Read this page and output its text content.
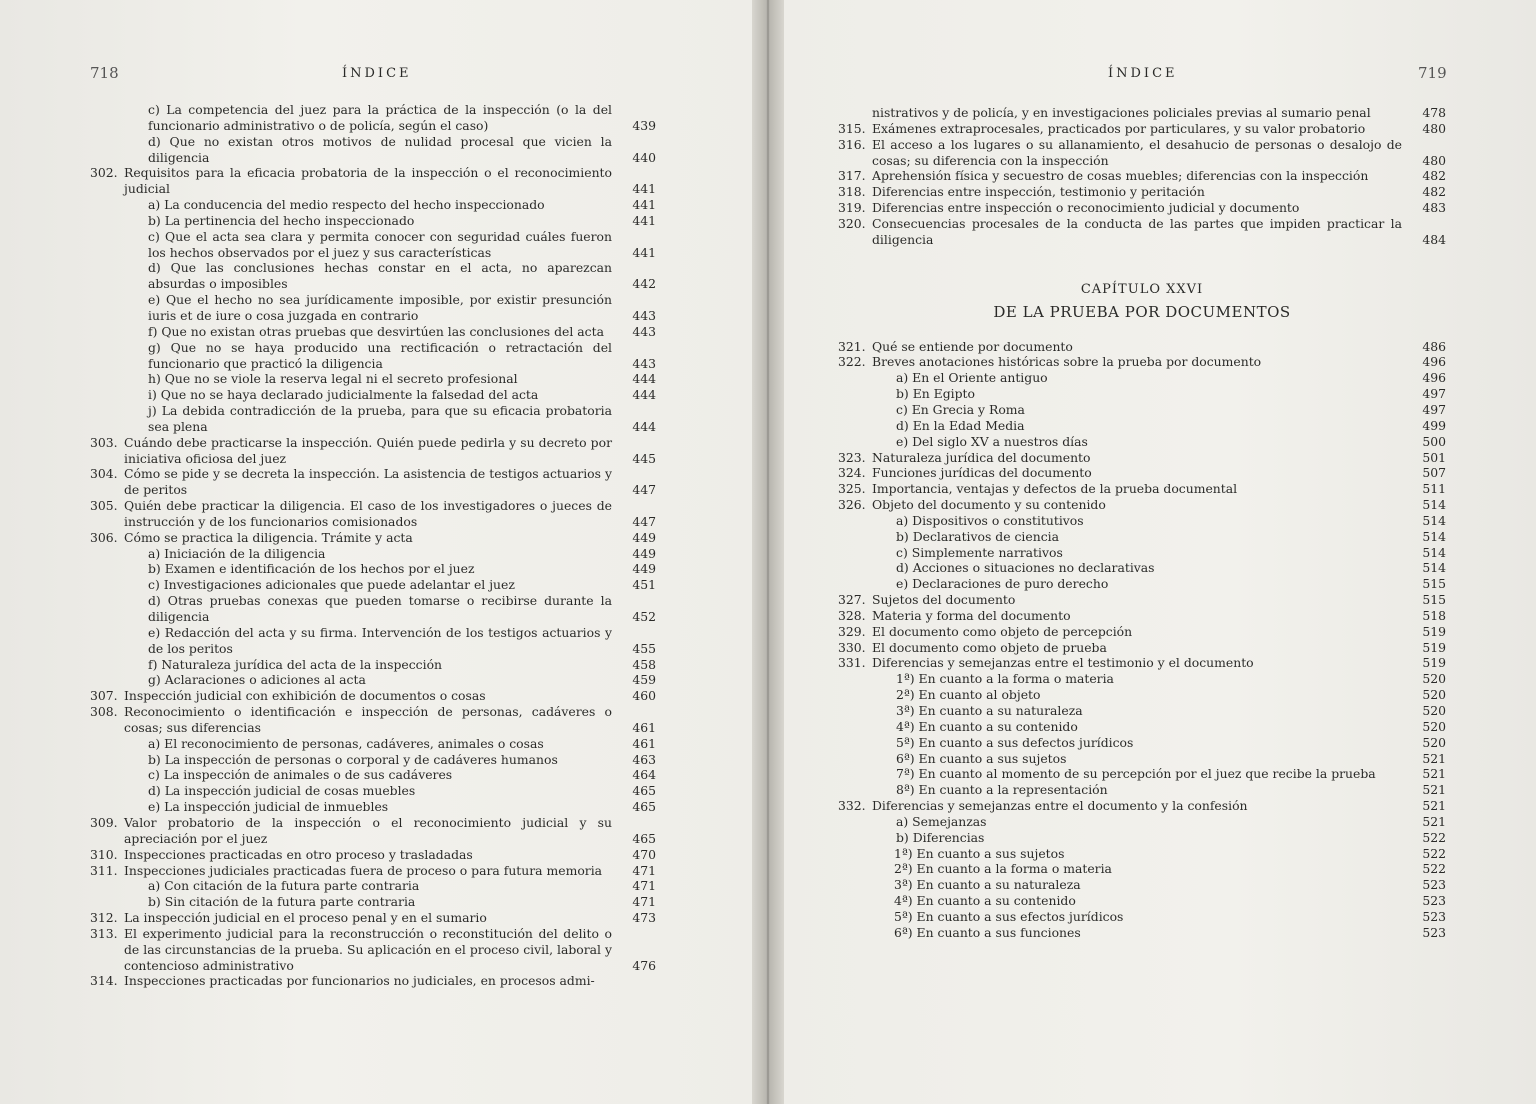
718	ÍNDICE
c) La competencia del juez para la práctica de la inspección (o la del funcionario administrativo o de policía, según el caso)	439
d) Que no existan otros motivos de nulidad procesal que vicien la diligencia	440
302. Requisitos para la eficacia probatoria de la inspección o el reconocimiento judicial	441
a) La conducencia del medio respecto del hecho inspeccionado	441
b) La pertinencia del hecho inspeccionado	441
c) Que el acta sea clara y permita conocer con seguridad cuáles fueron los hechos observados por el juez y sus características	441
d) Que las conclusiones hechas constar en el acta, no aparezcan absurdas o imposibles	442
e) Que el hecho no sea jurídicamente imposible, por existir presunción iuris et de iure o cosa juzgada en contrario	443
f) Que no existan otras pruebas que desvirtúen las conclusiones del acta	443
g) Que no se haya producido una rectificación o retractación del funcionario que practicó la diligencia	443
h) Que no se viole la reserva legal ni el secreto profesional	444
i) Que no se haya declarado judicialmente la falsedad del acta	444
j) La debida contradicción de la prueba, para que su eficacia probatoria sea plena	444
303. Cuándo debe practicarse la inspección. Quién puede pedirla y su decreto por iniciativa oficiosa del juez	445
304. Cómo se pide y se decreta la inspección. La asistencia de testigos actuarios y de peritos	447
305. Quién debe practicar la diligencia. El caso de los investigadores o jueces de instrucción y de los funcionarios comisionados	447
306. Cómo se practica la diligencia. Trámite y acta	449
a) Iniciación de la diligencia	449
b) Examen e identificación de los hechos por el juez	449
c) Investigaciones adicionales que puede adelantar el juez	451
d) Otras pruebas conexas que pueden tomarse o recibirse durante la diligencia	452
e) Redacción del acta y su firma. Intervención de los testigos actuarios y de los peritos	455
f) Naturaleza jurídica del acta de la inspección	458
g) Aclaraciones o adiciones al acta	459
307. Inspección judicial con exhibición de documentos o cosas	460
308. Reconocimiento o identificación e inspección de personas, cadáveres o cosas; sus diferencias	461
a) El reconocimiento de personas, cadáveres, animales o cosas	461
b) La inspección de personas o corporal y de cadáveres humanos	463
c) La inspección de animales o de sus cadáveres	464
d) La inspección judicial de cosas muebles	465
e) La inspección judicial de inmuebles	465
309. Valor probatorio de la inspección o el reconocimiento judicial y su apreciación por el juez	465
310. Inspecciones practicadas en otro proceso y trasladadas	470
311. Inspecciones judiciales practicadas fuera de proceso o para futura memoria	471
a) Con citación de la futura parte contraria	471
b) Sin citación de la futura parte contraria	471
312. La inspección judicial en el proceso penal y en el sumario	473
313. El experimento judicial para la reconstrucción o reconstitución del delito o de las circunstancias de la prueba. Su aplicación en el proceso civil, laboral y contencioso administrativo	476
314. Inspecciones practicadas por funcionarios no judiciales, en procesos admi-
ÍNDICE	719
nistrativos y de policía, y en investigaciones policiales previas al sumario penal	478
315. Exámenes extraprocesales, practicados por particulares, y su valor probatorio	480
316. El acceso a los lugares o su allanamiento, el desahucio de personas o desalojo de cosas; su diferencia con la inspección	480
317. Aprehensión física y secuestro de cosas muebles; diferencias con la inspección	482
318. Diferencias entre inspección, testimonio y peritación	482
319. Diferencias entre inspección o reconocimiento judicial y documento	483
320. Consecuencias procesales de la conducta de las partes que impiden practicar la diligencia	484
CAPÍTULO XXVI
DE LA PRUEBA POR DOCUMENTOS
321. Qué se entiende por documento	486
322. Breves anotaciones históricas sobre la prueba por documento	496
a) En el Oriente antiguo	496
b) En Egipto	497
c) En Grecia y Roma	497
d) En la Edad Media	499
e) Del siglo XV a nuestros días	500
323. Naturaleza jurídica del documento	501
324. Funciones jurídicas del documento	507
325. Importancia, ventajas y defectos de la prueba documental	511
326. Objeto del documento y su contenido	514
a) Dispositivos o constitutivos	514
b) Declarativos de ciencia	514
c) Simplemente narrativos	514
d) Acciones o situaciones no declarativas	514
e) Declaraciones de puro derecho	515
327. Sujetos del documento	515
328. Materia y forma del documento	518
329. El documento como objeto de percepción	519
330. El documento como objeto de prueba	519
331. Diferencias y semejanzas entre el testimonio y el documento	519
1ª) En cuanto a la forma o materia	520
2ª) En cuanto al objeto	520
3ª) En cuanto a su naturaleza	520
4ª) En cuanto a su contenido	520
5ª) En cuanto a sus defectos jurídicos	520
6ª) En cuanto a sus sujetos	521
7ª) En cuanto al momento de su percepción por el juez que recibe la prueba	521
8ª) En cuanto a la representación	521
332. Diferencias y semejanzas entre el documento y la confesión	521
a) Semejanzas	521
b) Diferencias	522
1ª) En cuanto a sus sujetos	522
2ª) En cuanto a la forma o materia	522
3ª) En cuanto a su naturaleza	523
4ª) En cuanto a su contenido	523
5ª) En cuanto a sus efectos jurídicos	523
6ª) En cuanto a sus funciones	523
